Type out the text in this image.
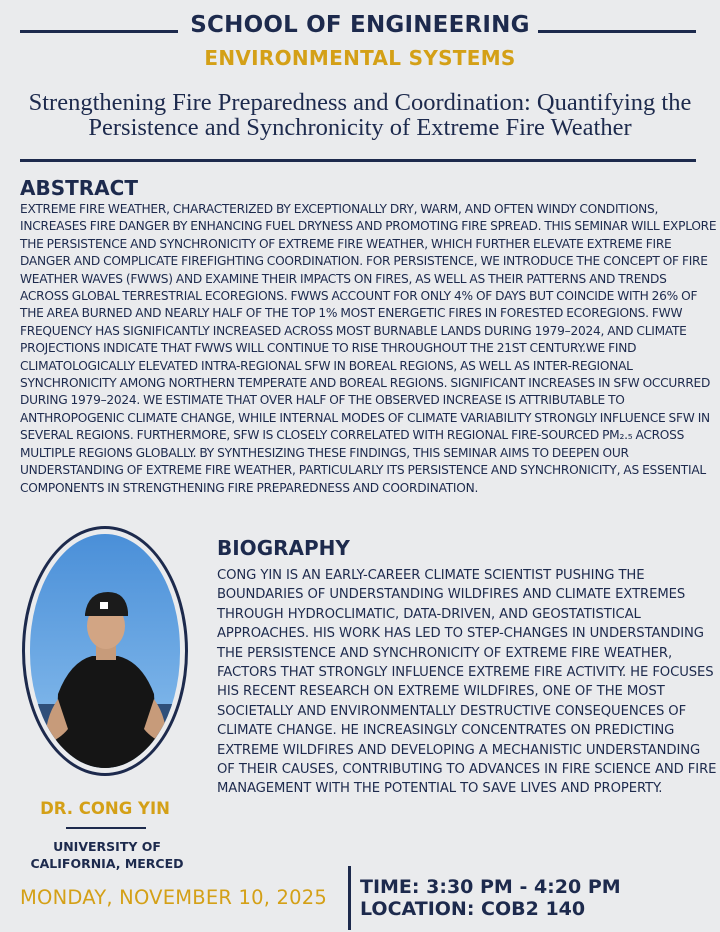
SCHOOL OF ENGINEERING
ENVIRONMENTAL SYSTEMS
Strengthening Fire Preparedness and Coordination: Quantifying the Persistence and Synchronicity of Extreme Fire Weather
ABSTRACT
EXTREME FIRE WEATHER, CHARACTERIZED BY EXCEPTIONALLY DRY, WARM, AND OFTEN WINDY CONDITIONS, INCREASES FIRE DANGER BY ENHANCING FUEL DRYNESS AND PROMOTING FIRE SPREAD. THIS SEMINAR WILL EXPLORE THE PERSISTENCE AND SYNCHRONICITY OF EXTREME FIRE WEATHER, WHICH FURTHER ELEVATE EXTREME FIRE DANGER AND COMPLICATE FIREFIGHTING COORDINATION. FOR PERSISTENCE, WE INTRODUCE THE CONCEPT OF FIRE WEATHER WAVES (FWWS) AND EXAMINE THEIR IMPACTS ON FIRES, AS WELL AS THEIR PATTERNS AND TRENDS ACROSS GLOBAL TERRESTRIAL ECOREGIONS. FWWS ACCOUNT FOR ONLY 4% OF DAYS BUT COINCIDE WITH 26% OF THE AREA BURNED AND NEARLY HALF OF THE TOP 1% MOST ENERGETIC FIRES IN FORESTED ECOREGIONS. FWW FREQUENCY HAS SIGNIFICANTLY INCREASED ACROSS MOST BURNABLE LANDS DURING 1979–2024, AND CLIMATE PROJECTIONS INDICATE THAT FWWS WILL CONTINUE TO RISE THROUGHOUT THE 21ST CENTURY.WE FIND CLIMATOLOGICALLY ELEVATED INTRA-REGIONAL SFW IN BOREAL REGIONS, AS WELL AS INTER-REGIONAL SYNCHRONICITY AMONG NORTHERN TEMPERATE AND BOREAL REGIONS. SIGNIFICANT INCREASES IN SFW OCCURRED DURING 1979–2024. WE ESTIMATE THAT OVER HALF OF THE OBSERVED INCREASE IS ATTRIBUTABLE TO ANTHROPOGENIC CLIMATE CHANGE, WHILE INTERNAL MODES OF CLIMATE VARIABILITY STRONGLY INFLUENCE SFW IN SEVERAL REGIONS. FURTHERMORE, SFW IS CLOSELY CORRELATED WITH REGIONAL FIRE-SOURCED PM₂.₅ ACROSS MULTIPLE REGIONS GLOBALLY. BY SYNTHESIZING THESE FINDINGS, THIS SEMINAR AIMS TO DEEPEN OUR UNDERSTANDING OF EXTREME FIRE WEATHER, PARTICULARLY ITS PERSISTENCE AND SYNCHRONICITY, AS ESSENTIAL COMPONENTS IN STRENGTHENING FIRE PREPAREDNESS AND COORDINATION.
DR. CONG YIN
UNIVERSITY OF CALIFORNIA, MERCED
BIOGRAPHY
CONG YIN IS AN EARLY-CAREER CLIMATE SCIENTIST PUSHING THE BOUNDARIES OF UNDERSTANDING WILDFIRES AND CLIMATE EXTREMES THROUGH HYDROCLIMATIC, DATA-DRIVEN, AND GEOSTATISTICAL APPROACHES. HIS WORK HAS LED TO STEP-CHANGES IN UNDERSTANDING THE PERSISTENCE AND SYNCHRONICITY OF EXTREME FIRE WEATHER, FACTORS THAT STRONGLY INFLUENCE EXTREME FIRE ACTIVITY. HE FOCUSES HIS RECENT RESEARCH ON EXTREME WILDFIRES, ONE OF THE MOST SOCIETALLY AND ENVIRONMENTALLY DESTRUCTIVE CONSEQUENCES OF CLIMATE CHANGE. HE INCREASINGLY CONCENTRATES ON PREDICTING EXTREME WILDFIRES AND DEVELOPING A MECHANISTIC UNDERSTANDING OF THEIR CAUSES, CONTRIBUTING TO ADVANCES IN FIRE SCIENCE AND FIRE MANAGEMENT WITH THE POTENTIAL TO SAVE LIVES AND PROPERTY.
MONDAY, NOVEMBER 10, 2025 TIME: 3:30 PM - 4:20 PM
LOCATION: COB2 140
